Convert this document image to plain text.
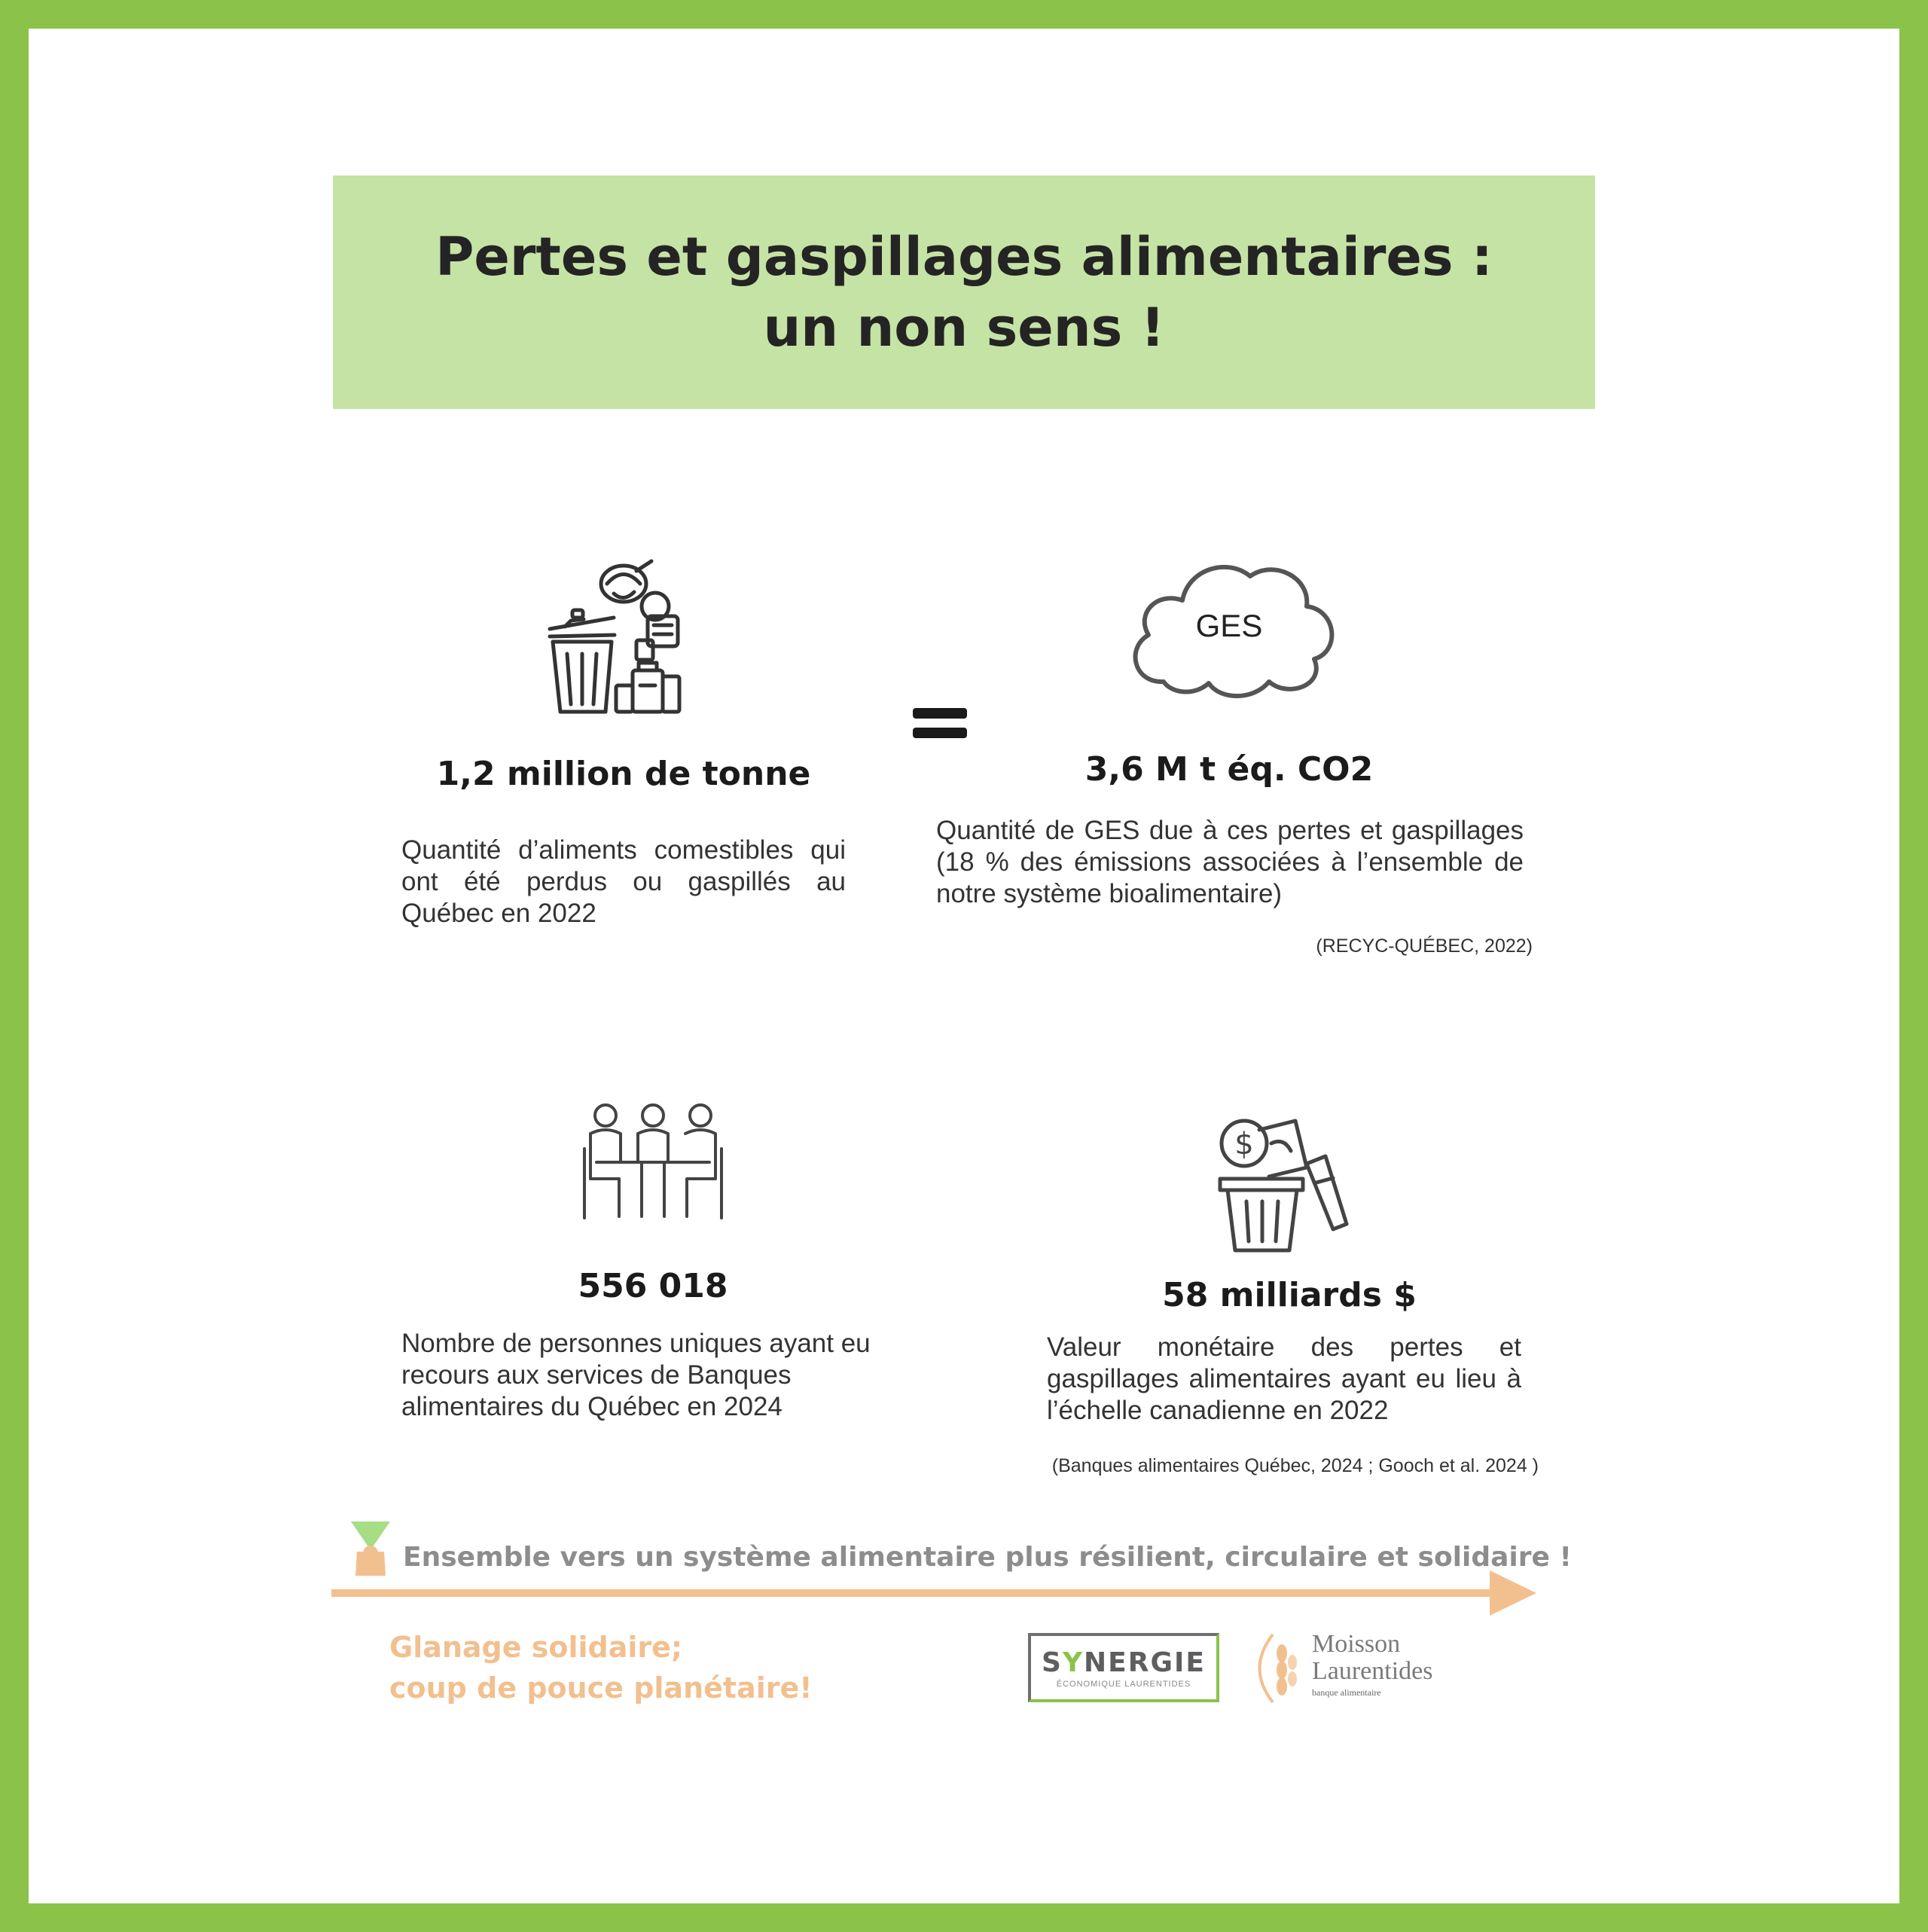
Pertes et gaspillages alimentaires :
un non sens !
GES
1,2 million de tonne
Quantité d’aliments comestibles qui ont été perdus ou gaspillés au Québec en 2022
3,6 M t éq. CO2
Quantité de GES due à ces pertes et gaspillages (18 % des émissions associées à l’ensemble de notre système bioalimentaire)
(RECYC-QUÉBEC, 2022)
556 018
Nombre de personnes uniques ayant eu recours aux services de Banques alimentaires du Québec en 2024
$
58 milliards $
Valeur monétaire des pertes et gaspillages alimentaires ayant eu lieu à l’échelle canadienne en 2022
(Banques alimentaires Québec, 2024 ; Gooch et al. 2024 )
Ensemble vers un système alimentaire plus résilient, circulaire et solidaire !
Glanage solidaire;
coup de pouce planétaire!
SYNERGIE
ÉCONOMIQUE LAURENTIDES
Moisson
Laurentides
banque alimentaire
